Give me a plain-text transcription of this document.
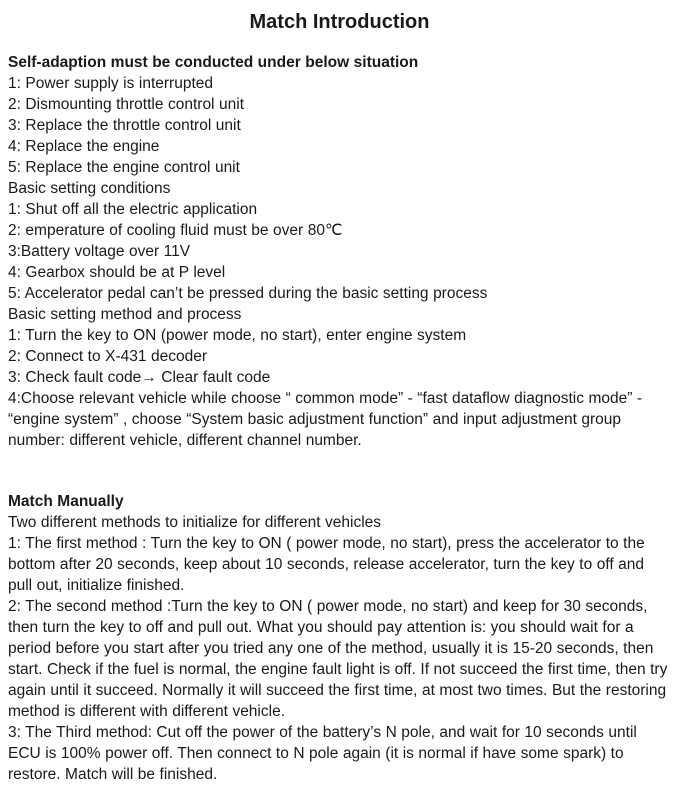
Match Introduction
Self-adaption must be conducted under below situation
1: Power supply is interrupted
2: Dismounting throttle control unit
3: Replace the throttle control unit
4: Replace the engine
5: Replace the engine control unit
Basic setting conditions
1: Shut off all the electric application
2: emperature of cooling fluid must be over 80℃
3:Battery voltage over 11V
4: Gearbox should be at P level
5: Accelerator pedal can’t be pressed during the basic setting process
Basic setting method and process
1: Turn the key to ON (power mode, no start), enter engine system
2: Connect to X-431 decoder
3: Check fault code→ Clear fault code
4:Choose relevant vehicle while choose “ common mode” - “fast dataflow diagnostic mode” - “engine system” , choose “System basic adjustment function” and input adjustment group number: different vehicle, different channel number.
Match Manually
Two different methods to initialize for different vehicles
1: The first method : Turn the key to ON ( power mode, no start), press the accelerator to the bottom after 20 seconds, keep about 10 seconds, release accelerator, turn the key to off and pull out, initialize finished.
2: The second method :Turn the key to ON ( power mode, no start) and keep for 30 seconds, then turn the key to off and pull out. What you should pay attention is: you should wait for a period before you start after you tried any one of the method, usually it is 15-20 seconds, then start. Check if the fuel is normal, the engine fault light is off. If not succeed the first time, then try again until it succeed. Normally it will succeed the first time, at most two times. But the restoring method is different with different vehicle.
3: The Third method: Cut off the power of the battery’s N pole, and wait for 10 seconds until ECU is 100% power off. Then connect to N pole again (it is normal if have some spark) to restore. Match will be finished.
